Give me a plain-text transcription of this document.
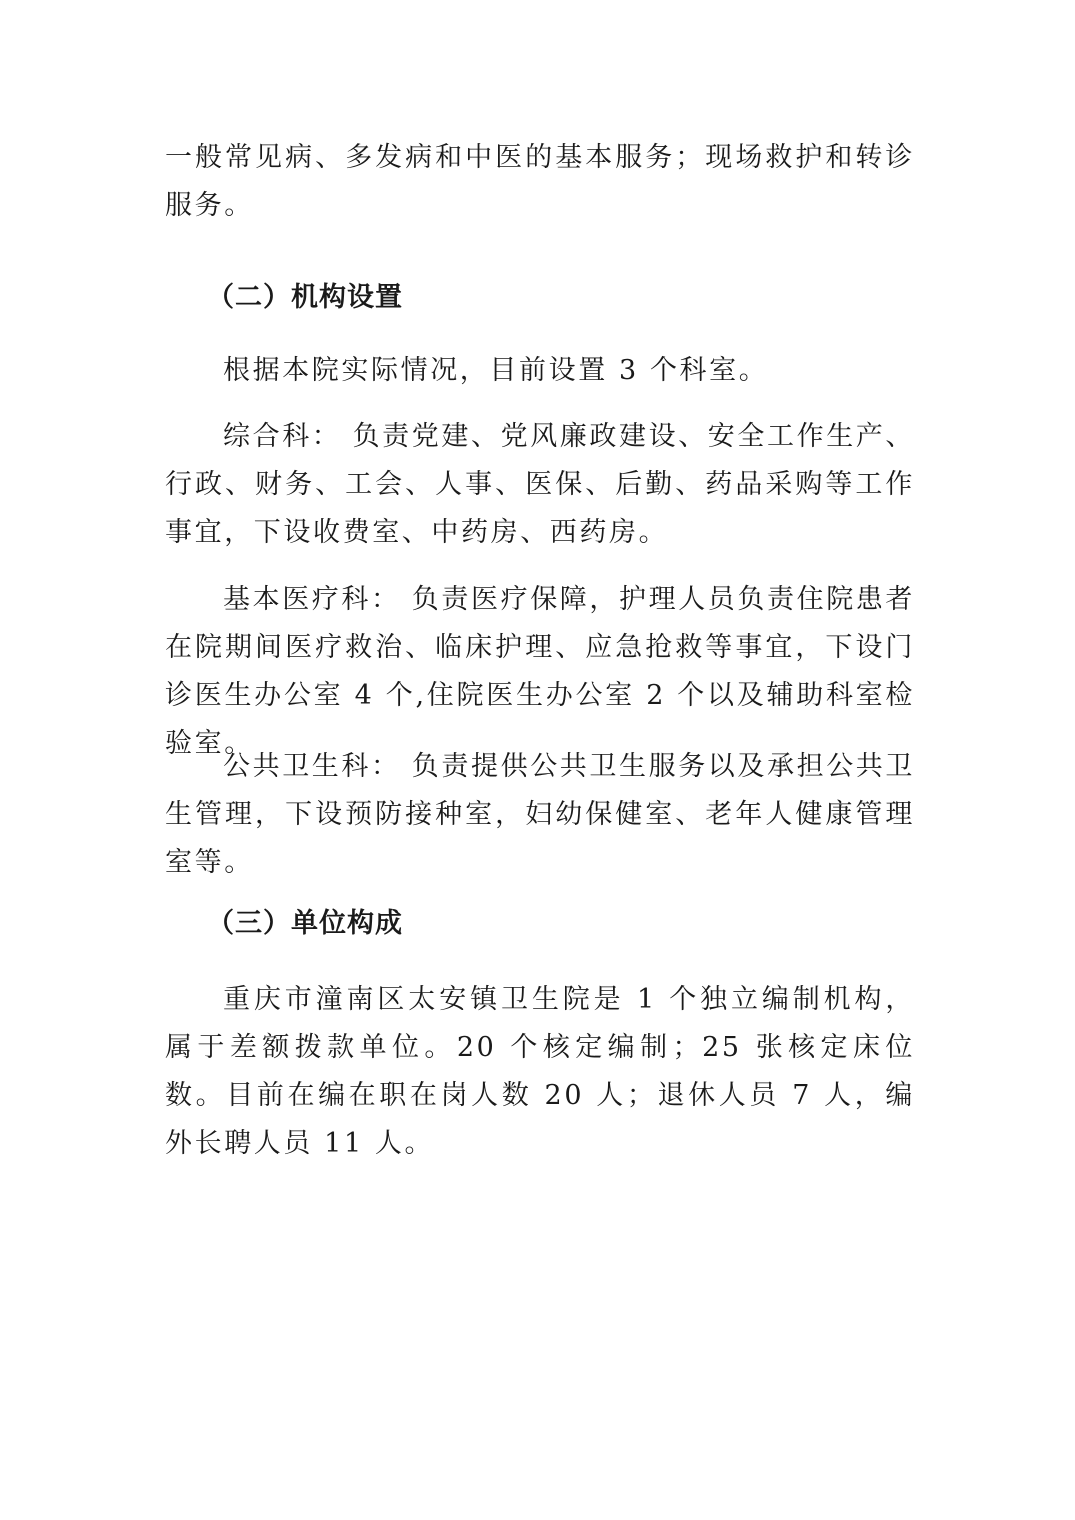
一般常见病、多发病和中医的基本服务；现场救护和转诊服务。

（二）机构设置

根据本院实际情况，目前设置 3 个科室。

综合科： 负责党建、党风廉政建设、安全工作生产、行政、财务、工会、人事、医保、后勤、药品采购等工作事宜，下设收费室、中药房、西药房。

基本医疗科： 负责医疗保障，护理人员负责住院患者在院期间医疗救治、临床护理、应急抢救等事宜，下设门诊医生办公室 4 个,住院医生办公室 2 个以及辅助科室检验室。

公共卫生科： 负责提供公共卫生服务以及承担公共卫生管理，下设预防接种室，妇幼保健室、老年人健康管理室等。

（三）单位构成

重庆市潼南区太安镇卫生院是 1 个独立编制机构，属于差额拨款单位。20 个核定编制；25 张核定床位数。目前在编在职在岗人数 20 人；退休人员 7 人，编外长聘人员 11 人。
